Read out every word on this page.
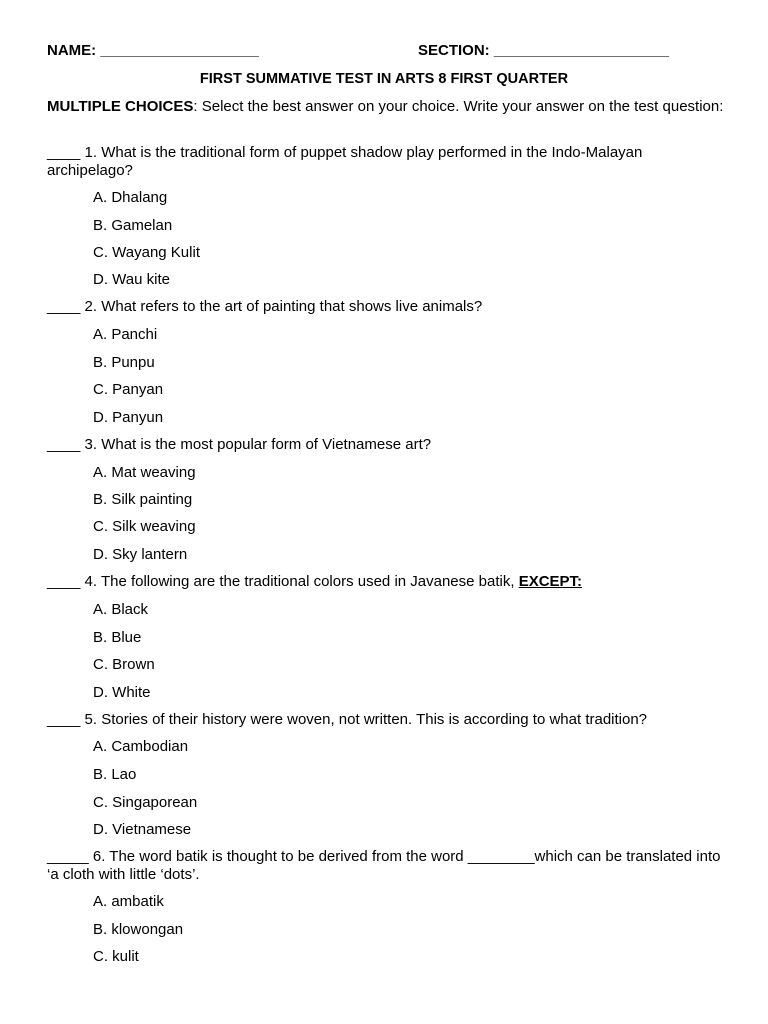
NAME: ___________________	SECTION: _____________________
FIRST SUMMATIVE TEST IN ARTS 8 FIRST QUARTER
MULTIPLE CHOICES: Select the best answer on your choice. Write your answer on the test question:
____ 1. What is the traditional form of puppet shadow play performed in the Indo-Malayan archipelago?
A. Dhalang
B. Gamelan
C. Wayang Kulit
D. Wau kite
____ 2. What refers to the art of painting that shows live animals?
A. Panchi
B. Punpu
C. Panyan
D. Panyun
____ 3. What is the most popular form of Vietnamese art?
A. Mat weaving
B. Silk painting
C. Silk weaving
D. Sky lantern
____ 4. The following are the traditional colors used in Javanese batik, EXCEPT:
A. Black
B. Blue
C. Brown
D. White
____ 5. Stories of their history were woven, not written. This is according to what tradition?
A. Cambodian
B. Lao
C. Singaporean
D. Vietnamese
_____ 6. The word batik is thought to be derived from the word ________which can be translated into ‘a cloth with little ‘dots’.
A. ambatik
B. klowongan
C. kulit
